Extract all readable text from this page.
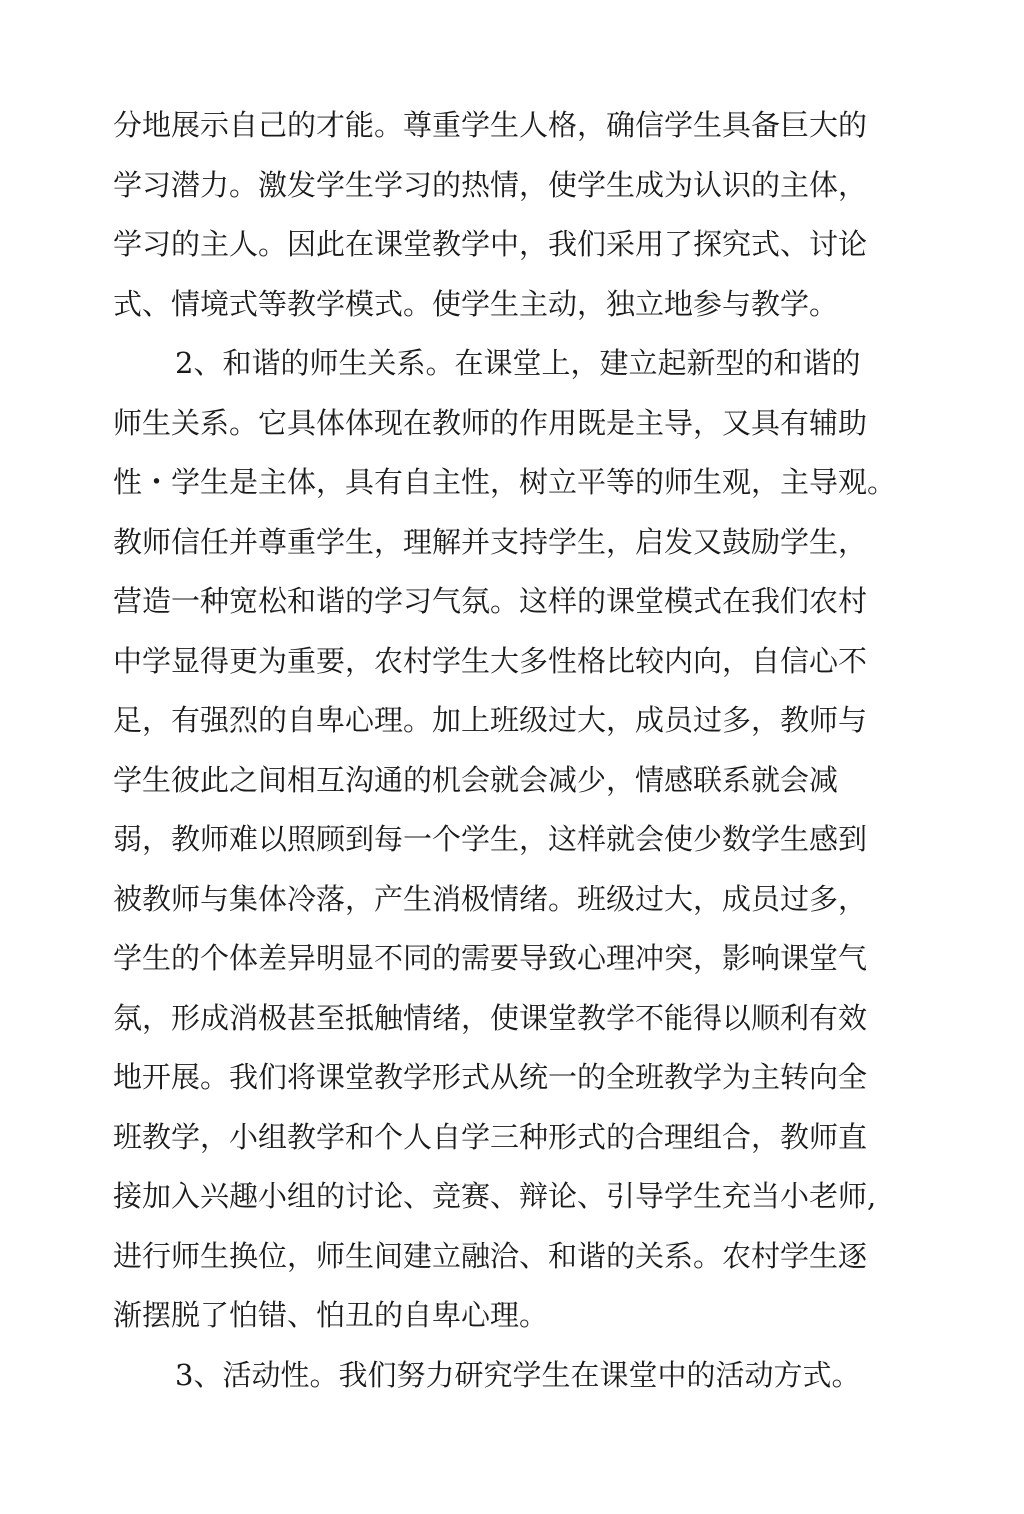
分地展示自己的才能。尊重学生人格，确信学生具备巨大的
学习潜力。激发学生学习的热情，使学生成为认识的主体，
学习的主人。因此在课堂教学中，我们采用了探究式、讨论
式、情境式等教学模式。使学生主动，独立地参与教学。
2、和谐的师生关系。在课堂上，建立起新型的和谐的
师生关系。它具体体现在教师的作用既是主导，又具有辅助
性・学生是主体，具有自主性，树立平等的师生观，主导观。
教师信任并尊重学生，理解并支持学生，启发又鼓励学生，
营造一种宽松和谐的学习气氛。这样的课堂模式在我们农村
中学显得更为重要，农村学生大多性格比较内向，自信心不
足，有强烈的自卑心理。加上班级过大，成员过多，教师与
学生彼此之间相互沟通的机会就会减少，情感联系就会减
弱，教师难以照顾到每一个学生，这样就会使少数学生感到
被教师与集体冷落，产生消极情绪。班级过大，成员过多，
学生的个体差异明显不同的需要导致心理冲突，影响课堂气
氛，形成消极甚至抵触情绪，使课堂教学不能得以顺利有效
地开展。我们将课堂教学形式从统一的全班教学为主转向全
班教学，小组教学和个人自学三种形式的合理组合，教师直
接加入兴趣小组的讨论、竞赛、辩论、引导学生充当小老师,
进行师生换位，师生间建立融洽、和谐的关系。农村学生逐
渐摆脱了怕错、怕丑的自卑心理。
3、活动性。我们努力研究学生在课堂中的活动方式。
